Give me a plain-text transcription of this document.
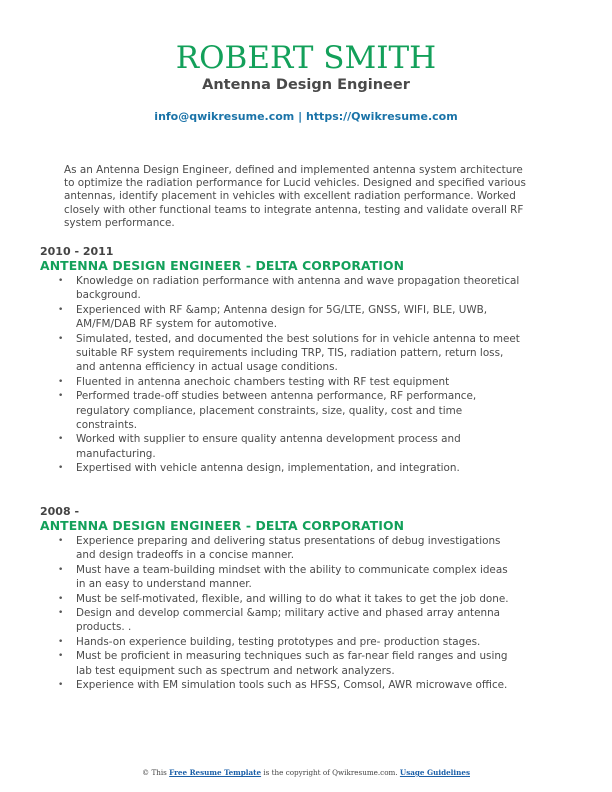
ROBERT SMITH
Antenna Design Engineer
info@qwikresume.com | https://Qwikresume.com
As an Antenna Design Engineer, defined and implemented antenna system architecture to optimize the radiation performance for Lucid vehicles. Designed and specified various antennas, identify placement in vehicles with excellent radiation performance. Worked closely with other functional teams to integrate antenna, testing and validate overall RF system performance.
2010 - 2011
ANTENNA DESIGN ENGINEER - DELTA CORPORATION
• Knowledge on radiation performance with antenna and wave propagation theoretical background.
• Experienced with RF &amp; Antenna design for 5G/LTE, GNSS, WIFI, BLE, UWB, AM/FM/DAB RF system for automotive.
• Simulated, tested, and documented the best solutions for in vehicle antenna to meet suitable RF system requirements including TRP, TIS, radiation pattern, return loss, and antenna efficiency in actual usage conditions.
• Fluented in antenna anechoic chambers testing with RF test equipment
• Performed trade-off studies between antenna performance, RF performance, regulatory compliance, placement constraints, size, quality, cost and time constraints.
• Worked with supplier to ensure quality antenna development process and manufacturing.
• Expertised with vehicle antenna design, implementation, and integration.
2008 -
ANTENNA DESIGN ENGINEER - DELTA CORPORATION
• Experience preparing and delivering status presentations of debug investigations and design tradeoffs in a concise manner.
• Must have a team-building mindset with the ability to communicate complex ideas in an easy to understand manner.
• Must be self-motivated, flexible, and willing to do what it takes to get the job done.
• Design and develop commercial &amp; military active and phased array antenna products. .
• Hands-on experience building, testing prototypes and pre- production stages.
• Must be proficient in measuring techniques such as far-near field ranges and using lab test equipment such as spectrum and network analyzers.
• Experience with EM simulation tools such as HFSS, Comsol, AWR microwave office.
© This Free Resume Template is the copyright of Qwikresume.com. Usage Guidelines
